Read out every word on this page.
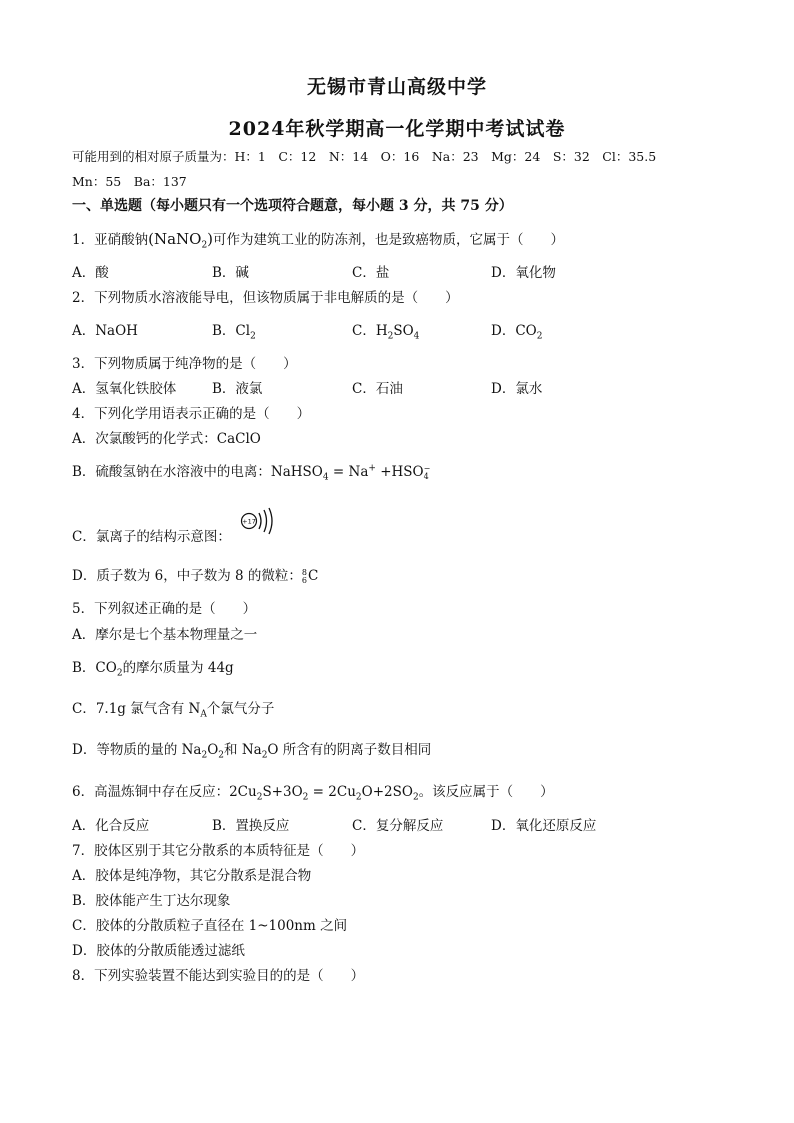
无锡市青山高级中学
2024年秋学期高一化学期中考试试卷
可能用到的相对原子质量为：H：1　C：12　N：14　O：16　Na：23　Mg：24　S：32　Cl：35.5
Mn：55　Ba：137
一、单选题（每小题只有一个选项符合题意，每小题 3 分，共 75 分）
1．亚硝酸钠(NaNO$_2$)可作为建筑工业的防冻剂，也是致癌物质，它属于（　　）
A．酸	B．碱	C．盐	D．氧化物
2．下列物质水溶液能导电，但该物质属于非电解质的是（　　）
A．NaOH	B．$Cl_2$	C．$H_2SO_4$	D．$CO_2$
3．下列物质属于纯净物的是（　　）
A．氢氧化铁胶体	B．液氯	C．石油	D．氯水
4．下列化学用语表示正确的是（　　）
A．次氯酸钙的化学式：CaClO
B．硫酸氢钠在水溶液中的电离：NaHSO$_4$ = Na+ +HSO −
4
C．氯离子的结构示意图：
+17
D．质子数为 6，中子数为 8 的微粒： 8
6 C
5．下列叙述正确的是（　　）
A．摩尔是七个基本物理量之一
B．$CO_2$的摩尔质量为 44g
C．7.1g 氯气含有 $N_A$个氯气分子
D．等物质的量的 $Na_2O_2$和 $Na_2O$ 所含有的阴离子数目相同
6．高温炼铜中存在反应：$2Cu_2S+3O_2 = 2Cu_2O+2SO_2$。该反应属于（　　）
A．化合反应	B．置换反应	C．复分解反应	D．氧化还原反应
7．胶体区别于其它分散系的本质特征是（　　）
A．胶体是纯净物，其它分散系是混合物
B．胶体能产生丁达尔现象
C．胶体的分散质粒子直径在 1~100nm 之间
D．胶体的分散质能透过滤纸
8．下列实验装置不能达到实验目的的是（　　）
